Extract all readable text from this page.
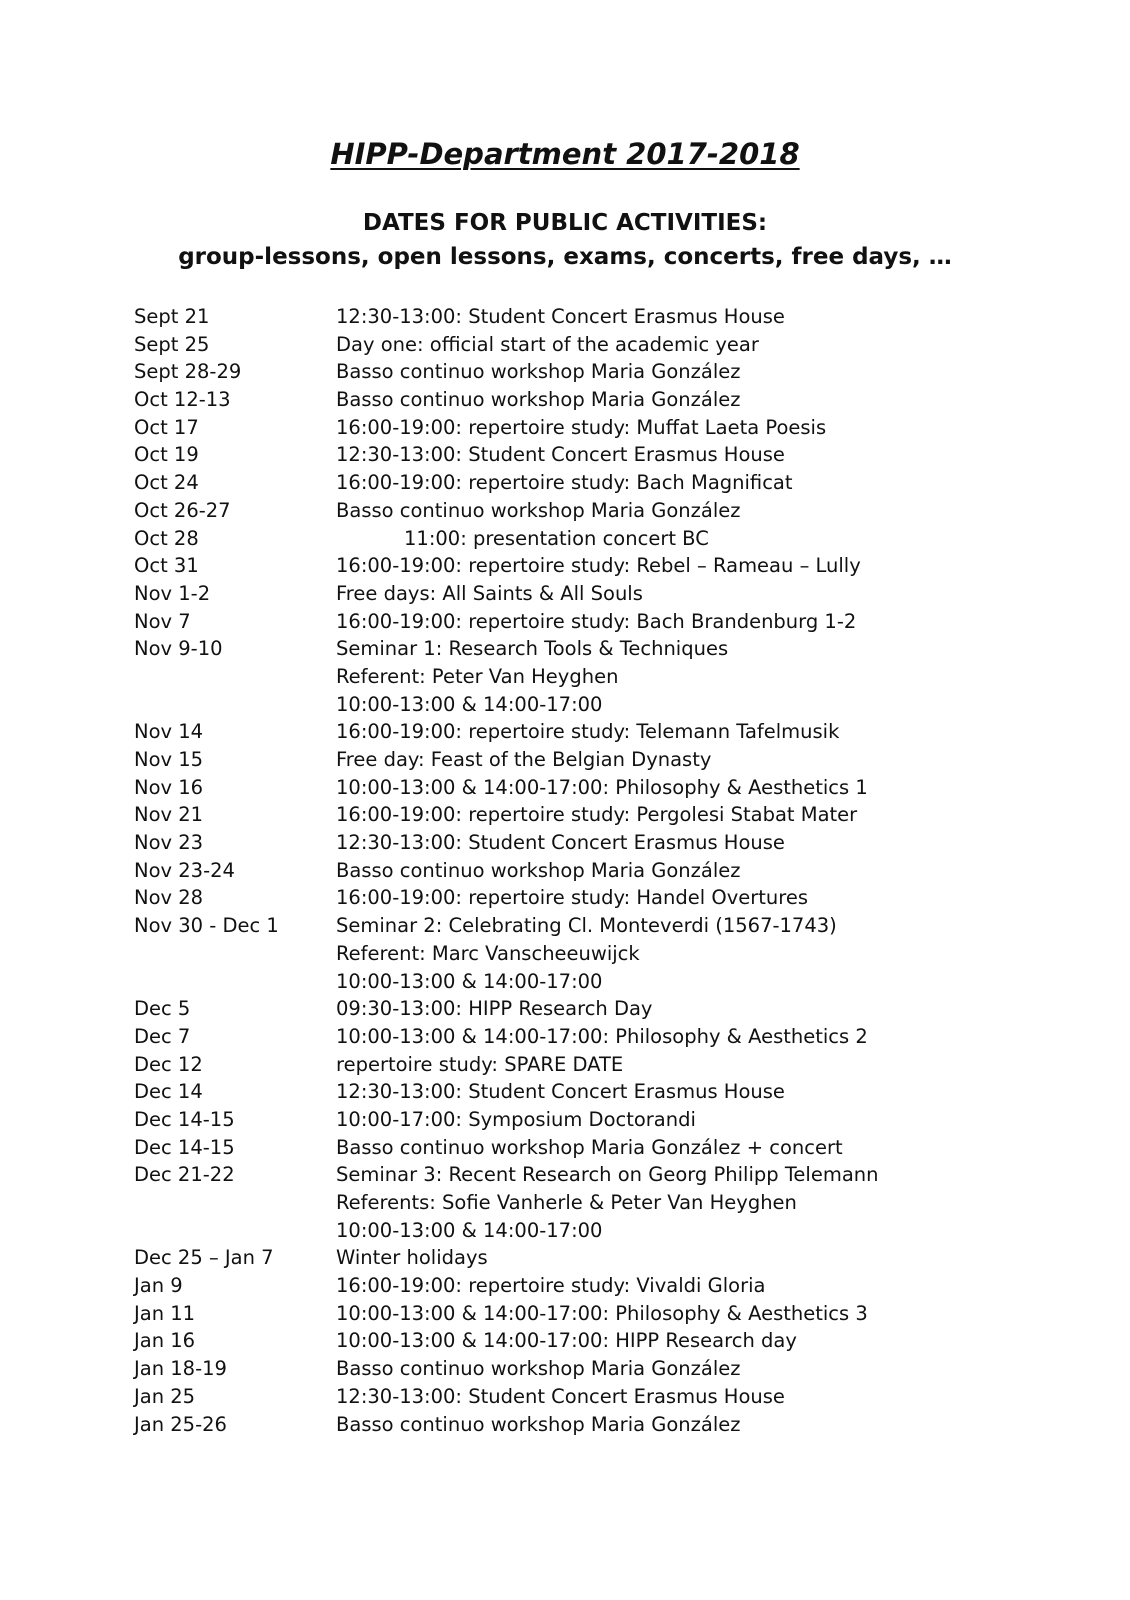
HIPP-Department 2017-2018

DATES FOR PUBLIC ACTIVITIES:

group-lessons, open lessons, exams, concerts, free days, …

Sept 21	12:30-13:00: Student Concert Erasmus House
Sept 25	Day one: official start of the academic year
Sept 28-29	Basso continuo workshop Maria González
Oct 12-13	Basso continuo workshop Maria González
Oct 17	16:00-19:00: repertoire study: Muffat Laeta Poesis
Oct 19	12:30-13:00: Student Concert Erasmus House
Oct 24	16:00-19:00: repertoire study: Bach Magnificat
Oct 26-27	Basso continuo workshop Maria González
Oct 28	11:00: presentation concert BC
Oct 31	16:00-19:00: repertoire study: Rebel – Rameau – Lully
Nov 1-2	Free days: All Saints & All Souls
Nov 7	16:00-19:00: repertoire study: Bach Brandenburg 1-2
Nov 9-10	Seminar 1: Research Tools & Techniques
Referent: Peter Van Heyghen
10:00-13:00 & 14:00-17:00
Nov 14	16:00-19:00: repertoire study: Telemann Tafelmusik
Nov 15	Free day: Feast of the Belgian Dynasty
Nov 16	10:00-13:00 & 14:00-17:00: Philosophy & Aesthetics 1
Nov 21	16:00-19:00: repertoire study: Pergolesi Stabat Mater
Nov 23	12:30-13:00: Student Concert Erasmus House
Nov 23-24	Basso continuo workshop Maria González
Nov 28	16:00-19:00: repertoire study: Handel Overtures
Nov 30 - Dec 1	Seminar 2: Celebrating Cl. Monteverdi (1567-1743)
Referent: Marc Vanscheeuwijck
10:00-13:00 & 14:00-17:00
Dec 5	09:30-13:00: HIPP Research Day
Dec 7	10:00-13:00 & 14:00-17:00: Philosophy & Aesthetics 2
Dec 12	repertoire study: SPARE DATE
Dec 14	12:30-13:00: Student Concert Erasmus House
Dec 14-15	10:00-17:00: Symposium Doctorandi
Dec 14-15	Basso continuo workshop Maria González + concert
Dec 21-22	Seminar 3: Recent Research on Georg Philipp Telemann
Referents: Sofie Vanherle & Peter Van Heyghen
10:00-13:00 & 14:00-17:00
Dec 25 – Jan 7	Winter holidays
Jan 9	16:00-19:00: repertoire study: Vivaldi Gloria
Jan 11	10:00-13:00 & 14:00-17:00: Philosophy & Aesthetics 3
Jan 16	10:00-13:00 & 14:00-17:00: HIPP Research day
Jan 18-19	Basso continuo workshop Maria González
Jan 25	12:30-13:00: Student Concert Erasmus House
Jan 25-26	Basso continuo workshop Maria González
